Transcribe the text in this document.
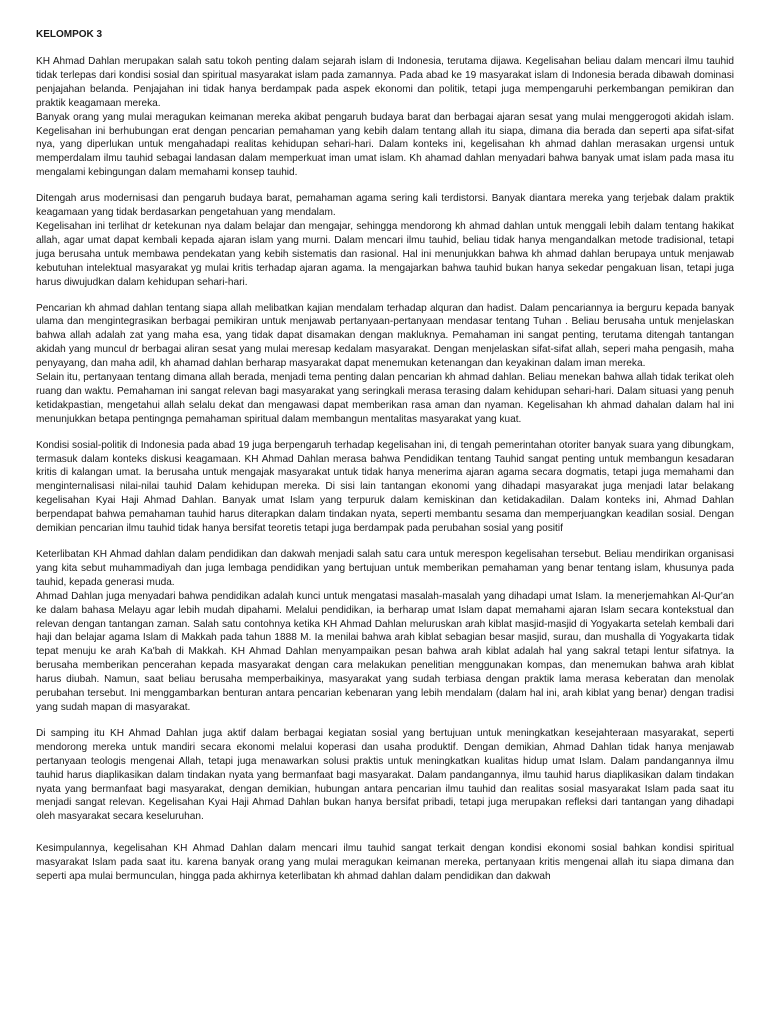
KELOMPOK 3

KH Ahmad Dahlan merupakan salah satu tokoh penting dalam sejarah islam di Indonesia, terutama dijawa. Kegelisahan beliau dalam mencari ilmu tauhid tidak terlepas dari kondisi sosial dan spiritual masyarakat islam pada zamannya. Pada abad ke 19 masyarakat islam di Indonesia berada dibawah dominasi penjajahan belanda. Penjajahan ini tidak hanya berdampak pada aspek ekonomi dan politik, tetapi juga mempengaruhi perkembangan pemikiran dan praktik keagamaan mereka.

Banyak orang yang mulai meragukan keimanan mereka akibat pengaruh budaya barat dan berbagai ajaran sesat yang mulai menggerogoti akidah islam. Kegelisahan ini berhubungan erat dengan pencarian pemahaman yang kebih dalam tentang allah itu siapa, dimana dia berada dan seperti apa sifat-sifat nya, yang diperlukan untuk mengahadapi realitas kehidupan sehari-hari. Dalam konteks ini, kegelisahan kh ahmad dahlan merasakan urgensi untuk memperdalam ilmu tauhid sebagai landasan dalam memperkuat iman umat islam. Kh ahamad dahlan menyadari bahwa banyak umat islam pada masa itu mengalami kebingungan dalam memahami konsep tauhid.

Ditengah arus modernisasi dan pengaruh budaya barat, pemahaman agama sering kali terdistorsi. Banyak diantara mereka yang terjebak dalam praktik keagamaan yang tidak berdasarkan pengetahuan yang mendalam.

Kegelisahan ini terlihat dr ketekunan nya dalam belajar dan mengajar, sehingga mendorong kh ahmad dahlan untuk menggali lebih dalam tentang hakikat allah, agar umat dapat kembali kepada ajaran islam yang murni. Dalam mencari ilmu tauhid, beliau tidak hanya mengandalkan metode tradisional, tetapi juga berusaha untuk membawa pendekatan yang kebih sistematis dan rasional. Hal ini menunjukkan bahwa kh ahmad dahlan berupaya untuk menjawab kebutuhan intelektual masyarakat yg mulai kritis terhadap ajaran agama. Ia mengajarkan bahwa tauhid bukan hanya sekedar pengakuan lisan, tetapi juga harus diwujudkan dalam kehidupan sehari-hari.

Pencarian kh ahmad dahlan tentang siapa allah melibatkan kajian mendalam terhadap alquran dan hadist. Dalam pencariannya ia berguru kepada banyak ulama dan mengintegrasikan berbagai pemikiran untuk menjawab pertanyaan-pertanyaan mendasar tentang Tuhan . Beliau berusaha untuk menjelaskan bahwa allah adalah zat yang maha esa, yang tidak dapat disamakan dengan makluknya. Pemahaman ini sangat penting, terutama ditengah tantangan akidah yang muncul dr berbagai aliran sesat yang mulai meresap kedalam masyarakat. Dengan menjelaskan sifat-sifat allah, seperi maha pengasih, maha penyayang, dan maha adil, kh ahamad dahlan berharap masyarakat dapat menemukan ketenangan dan keyakinan dalam iman mereka.

Selain itu, pertanyaan tentang dimana allah berada, menjadi tema penting dalan pencarian kh ahmad dahlan. Beliau menekan bahwa allah tidak terikat oleh ruang dan waktu. Pemahaman ini sangat relevan bagi masyarakat yang seringkali merasa terasing dalam kehidupan sehari-hari. Dalam situasi yang penuh ketidakpastian, mengetahui allah selalu dekat dan mengawasi dapat memberikan rasa aman dan nyaman. Kegelisahan kh ahmad dahalan dalam hal ini menunjukkan betapa pentingnga pemahaman spiritual dalam membangun mentalitas masyarakat yang kuat.

Kondisi sosial-politik di Indonesia pada abad 19 juga berpengaruh terhadap kegelisahan ini, di tengah pemerintahan otoriter banyak suara yang dibungkam, termasuk dalam konteks diskusi keagamaan. KH Ahmad Dahlan merasa bahwa Pendidikan tentang Tauhid sangat penting untuk membangun kesadaran kritis di kalangan umat. Ia berusaha untuk mengajak masyarakat untuk tidak hanya menerima ajaran agama secara dogmatis, tetapi juga memahami dan menginternalisasi nilai-nilai tauhid Dalam kehidupan mereka. Di sisi lain tantangan ekonomi yang dihadapi masyarakat juga menjadi latar belakang kegelisahan Kyai Haji Ahmad Dahlan. Banyak umat Islam yang terpuruk dalam kemiskinan dan ketidakadilan. Dalam konteks ini, Ahmad Dahlan berpendapat bahwa pemahaman tauhid harus diterapkan dalam tindakan nyata, seperti membantu sesama dan memperjuangkan keadilan sosial. Dengan demikian pencarian ilmu tauhid tidak hanya bersifat teoretis tetapi juga berdampak pada perubahan sosial yang positif

Keterlibatan KH Ahmad dahlan dalam pendidikan dan dakwah menjadi salah satu cara untuk merespon kegelisahan tersebut. Beliau mendirikan organisasi yang kita sebut muhammadiyah dan juga lembaga pendidikan yang bertujuan untuk memberikan pemahaman yang benar tentang islam, khusunya pada tauhid, kepada generasi muda.

Ahmad Dahlan juga menyadari bahwa pendidikan adalah kunci untuk mengatasi masalah-masalah yang dihadapi umat Islam. Ia menerjemahkan Al-Qur'an ke dalam bahasa Melayu agar lebih mudah dipahami. Melalui pendidikan, ia berharap umat Islam dapat memahami ajaran Islam secara kontekstual dan relevan dengan tantangan zaman. Salah satu contohnya ketika KH Ahmad Dahlan meluruskan arah kiblat masjid-masjid di Yogyakarta setelah kembali dari haji dan belajar agama Islam di Makkah pada tahun 1888 M. Ia menilai bahwa arah kiblat sebagian besar masjid, surau, dan mushalla di Yogyakarta tidak tepat menuju ke arah Ka'bah di Makkah. KH Ahmad Dahlan menyampaikan pesan bahwa arah kiblat adalah hal yang sakral tetapi lentur sifatnya. Ia berusaha memberikan pencerahan kepada masyarakat dengan cara melakukan penelitian menggunakan kompas, dan menemukan bahwa arah kiblat harus diubah. Namun, saat beliau berusaha memperbaikinya, masyarakat yang sudah terbiasa dengan praktik lama merasa keberatan dan menolak perubahan tersebut. Ini menggambarkan benturan antara pencarian kebenaran yang lebih mendalam (dalam hal ini, arah kiblat yang benar) dengan tradisi yang sudah mapan di masyarakat.

Di samping itu KH Ahmad Dahlan juga aktif dalam berbagai kegiatan sosial yang bertujuan untuk meningkatkan kesejahteraan masyarakat, seperti mendorong mereka untuk mandiri secara ekonomi melalui koperasi dan usaha produktif. Dengan demikian, Ahmad Dahlan tidak hanya menjawab pertanyaan teologis mengenai Allah, tetapi juga menawarkan solusi praktis untuk meningkatkan kualitas hidup umat Islam. Dalam pandangannya ilmu tauhid harus diaplikasikan dalam tindakan nyata yang bermanfaat bagi masyarakat. Dalam pandangannya, ilmu tauhid harus diaplikasikan dalam tindakan nyata yang bermanfaat bagi masyarakat, dengan demikian, hubungan antara pencarian ilmu tauhid dan realitas sosial masyarakat Islam pada saat itu menjadi sangat relevan. Kegelisahan Kyai Haji Ahmad Dahlan bukan hanya bersifat pribadi, tetapi juga merupakan refleksi dari tantangan yang dihadapi oleh masyarakat secara keseluruhan.

Kesimpulannya, kegelisahan KH Ahmad Dahlan dalam mencari ilmu tauhid sangat terkait dengan kondisi ekonomi sosial bahkan kondisi spiritual masyarakat Islam pada saat itu. karena banyak orang yang mulai meragukan keimanan mereka, pertanyaan kritis mengenai allah itu siapa dimana dan seperti apa mulai bermunculan, hingga pada akhirnya keterlibatan kh ahmad dahlan dalam pendidikan dan dakwah
